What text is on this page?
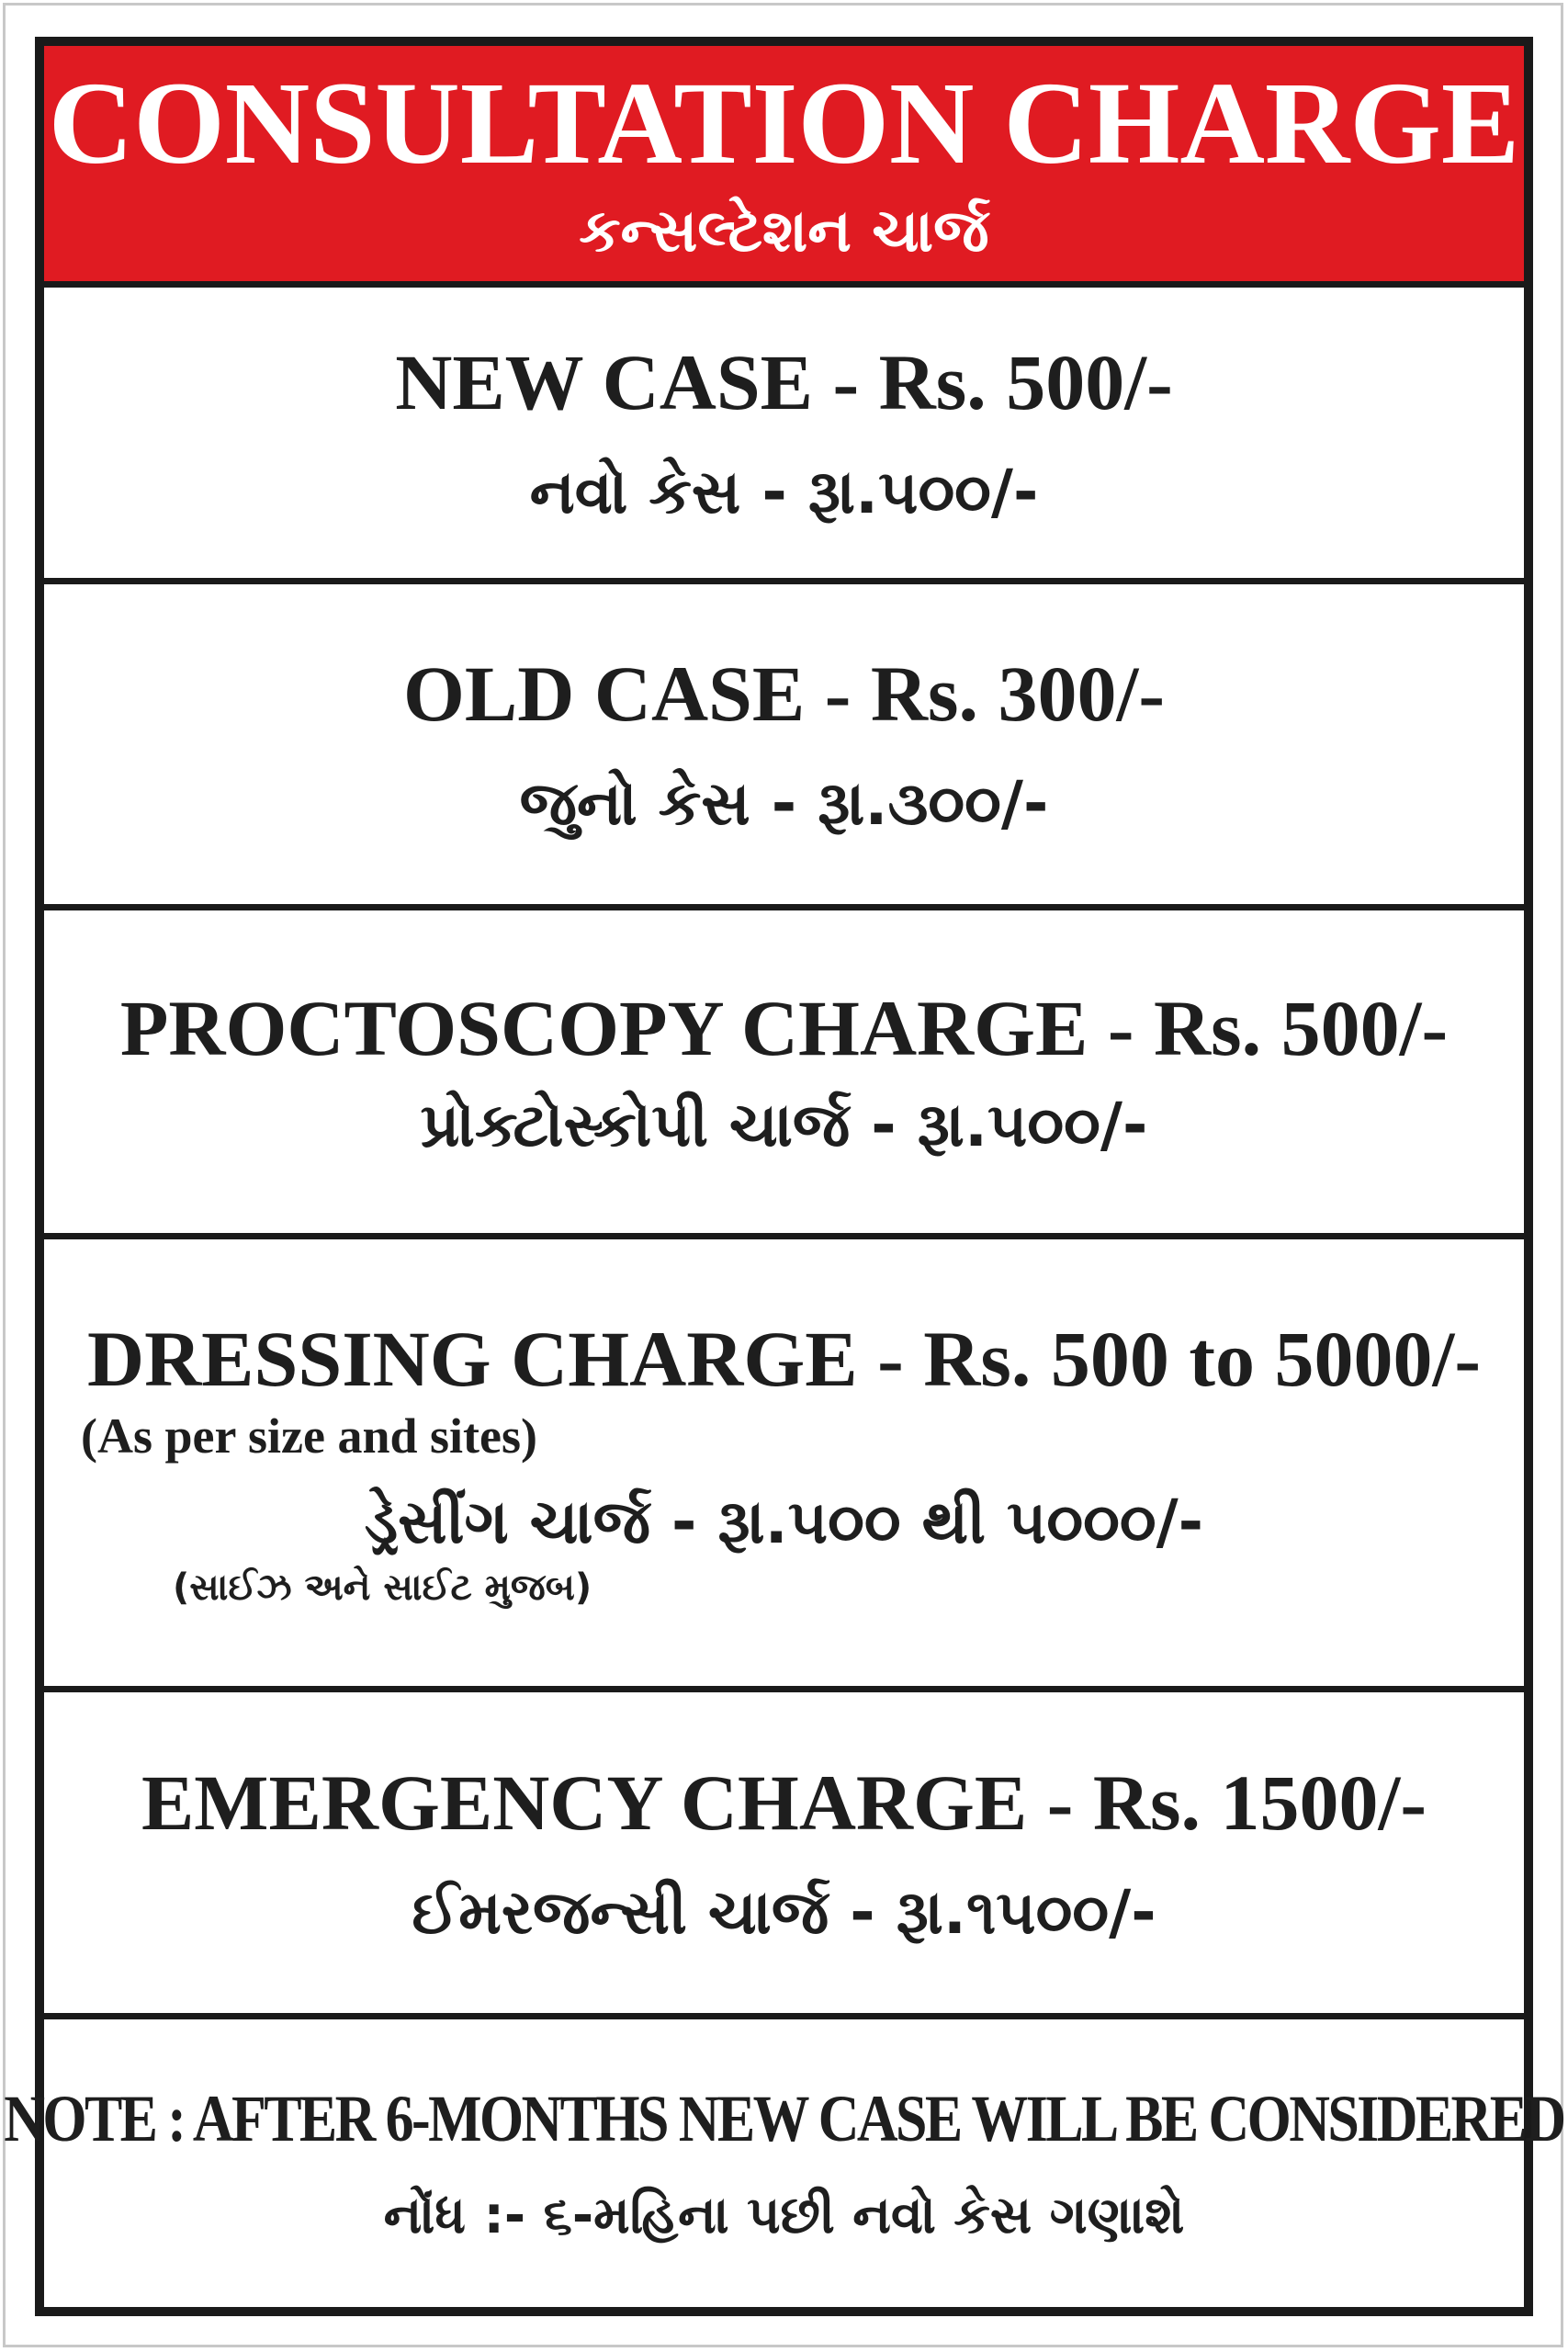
CONSULTATION CHARGE
કન્સલ્ટેશન ચાર્જ
NEW CASE - Rs. 500/-
નવો કેસ - રૂા.૫૦૦/-
OLD CASE - Rs. 300/-
જુનો કેસ - રૂા.૩૦૦/-
PROCTOSCOPY CHARGE - Rs. 500/-
પ્રોક્ટોસ્કોપી ચાર્જ - રૂા.૫૦૦/-
DRESSING CHARGE - Rs. 500 to 5000/-
(As per size and sites)
ડ્રેસીંગ ચાર્જ - રૂા.૫૦૦ થી ૫૦૦૦/-
(સાઈઝ અને સાઈટ મુજબ)
EMERGENCY CHARGE - Rs. 1500/-
ઈમરજન્સી ચાર્જ - રૂા.૧૫૦૦/-
NOTE : AFTER 6-MONTHS NEW CASE WILL BE CONSIDERED
નોંધ :- ૬-મહિના પછી નવો કેસ ગણાશે
